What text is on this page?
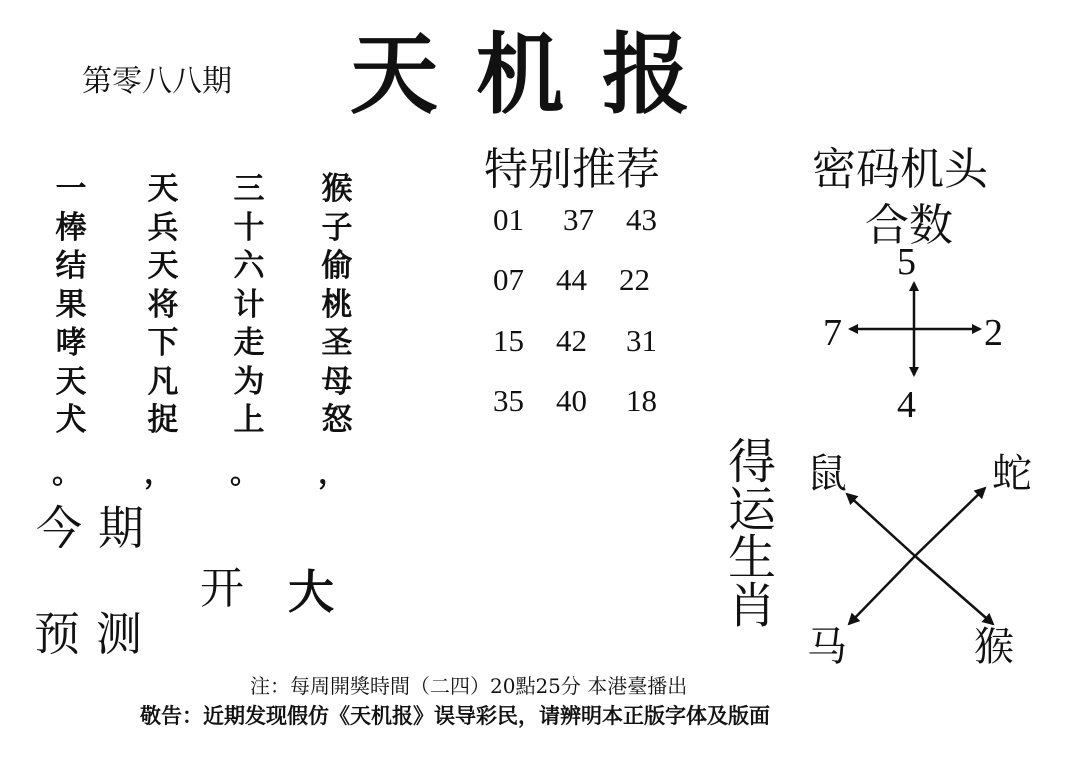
第零八八期 天机报
一
棒
结
果
哮
天
犬
天
兵
天
将
下
凡
捉
三
十
六
计
走
为
上
猴
子
偷
桃
圣
母
怒
。 ， 。 ，
今期
预测
开 大
特别推荐
01 37 43
07 44 22
15 42 31
35 40 18
密码机头
合数
5
7	2
4
得
运
生
肖
鼠	蛇
马	猴
注：每周開獎時間（二四）20點25分 本港臺播出
敬告：近期发现假仿《天机报》误导彩民，请辨明本正版字体及版面
